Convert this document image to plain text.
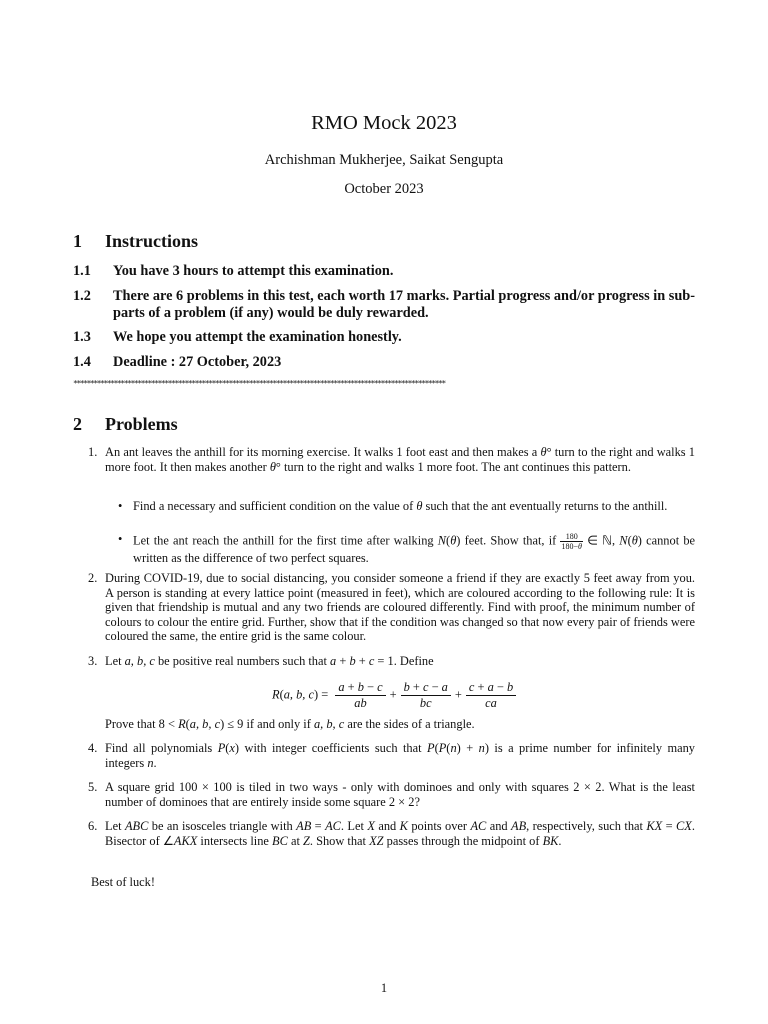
RMO Mock 2023
Archishman Mukherjee, Saikat Sengupta
October 2023
1 Instructions
1.1 You have 3 hours to attempt this examination.
1.2 There are 6 problems in this test, each worth 17 marks. Partial progress and/or progress in sub-parts of a problem (if any) would be duly rewarded.
1.3 We hope you attempt the examination honestly.
1.4 Deadline : 27 October, 2023
**************************************************************************************************************
2 Problems
1. An ant leaves the anthill for its morning exercise. It walks 1 foot east and then makes a θ° turn to the right and walks 1 more foot. It then makes another θ° turn to the right and walks 1 more foot. The ant continues this pattern.
• Find a necessary and sufficient condition on the value of θ such that the ant eventually returns to the anthill.
• Let the ant reach the anthill for the first time after walking N(θ) feet. Show that, if $\frac{180}{180-\theta}$ ∈ ℕ, N(θ) cannot be written as the difference of two perfect squares.
2. During COVID-19, due to social distancing, you consider someone a friend if they are exactly 5 feet away from you. A person is standing at every lattice point (measured in feet), which are coloured according to the following rule: It is given that friendship is mutual and any two friends are coloured differently. Find with proof, the minimum number of colours to colour the entire grid. Further, show that if the condition was changed so that now every pair of friends were coloured the same, the entire grid is the same colour.
3. Let a, b, c be positive real numbers such that a + b + c = 1. Define
R(a, b, $c) = \frac{a + b - c}{ab} + \frac{b + c - a}{bc} + \frac{c + a - b}{ca}$
Prove that 8 < R(a, b, c) ≤ 9 if and only if a, b, c are the sides of a triangle.
4. Find all polynomials P(x) with integer coefficients such that P(P(n) + n) is a prime number for infinitely many integers n.
5. A square grid 100 × 100 is tiled in two ways - only with dominoes and only with squares 2 × 2. What is the least number of dominoes that are entirely inside some square 2 × 2?
6. Let ABC be an isosceles triangle with AB = AC. Let X and K points over AC and AB, respectively, such that KX = CX. Bisector of ∠AKX intersects line BC at Z. Show that XZ passes through the midpoint of BK.
Best of luck!
1
